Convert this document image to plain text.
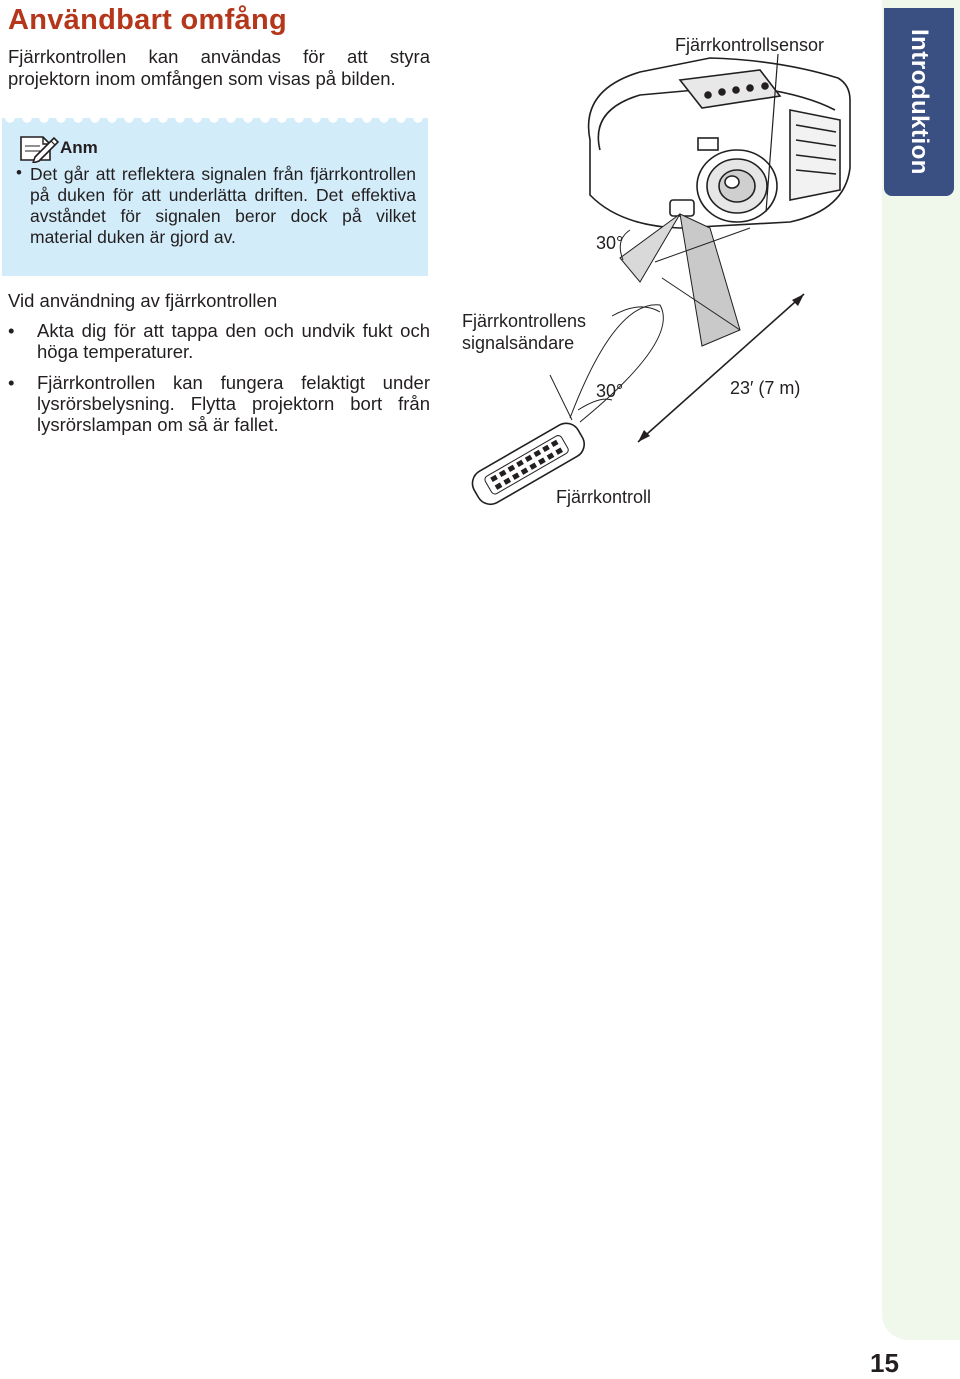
Användbart omfång

Fjärrkontrollen kan användas för att styra projektorn inom omfången som visas på bilden.

Anm
• Det går att reflektera signalen från fjärrkontrollen på duken för att underlätta driften. Det effektiva avståndet för signalen beror dock på vilket material duken är gjord av.

Vid användning av fjärrkontrollen
• Akta dig för att tappa den och undvik fukt och höga temperaturer.
• Fjärrkontrollen kan fungera felaktigt under lysrörsbelysning. Flytta projektorn bort från lysrörslampan om så är fallet.
Introduktion
Fjärrkontrollsensor
30°
Fjärrkontrollens
signalsändare
30°	23′ (7 m)
Fjärrkontroll
15
